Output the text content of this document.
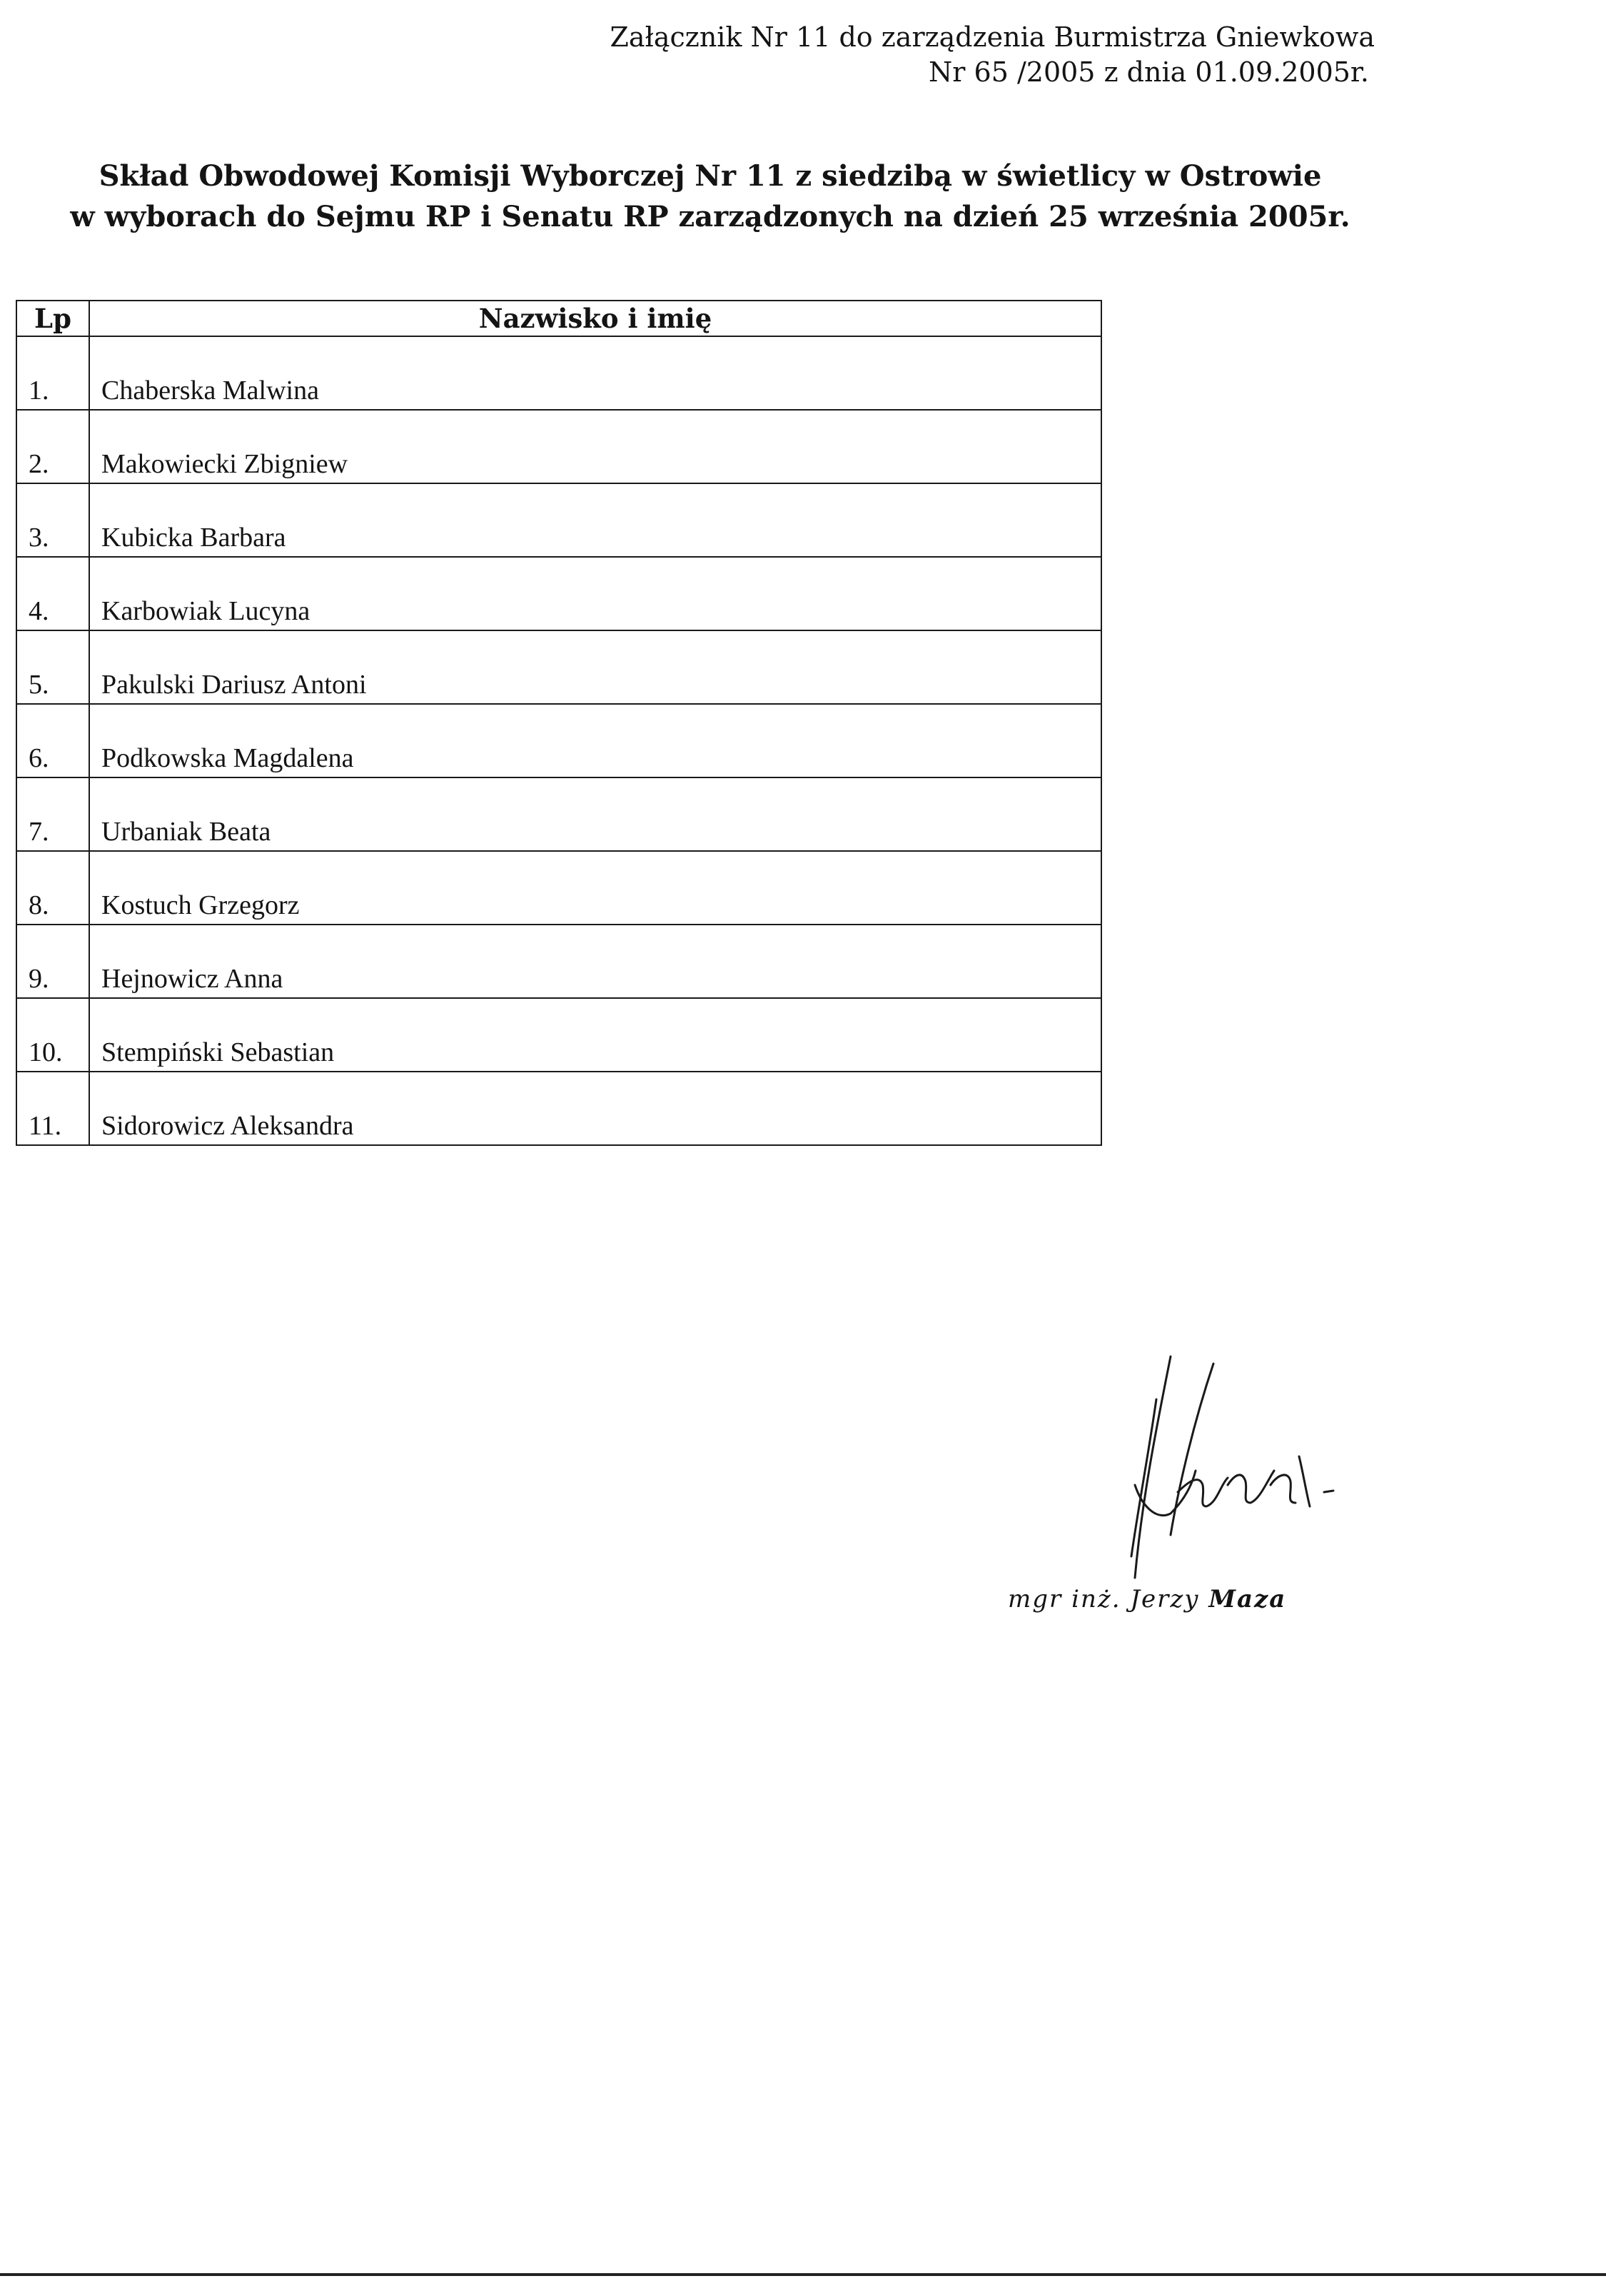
Załącznik Nr 11 do zarządzenia Burmistrza Gniewkowa
Nr 65 /2005 z dnia 01.09.2005r.
Skład Obwodowej Komisji Wyborczej Nr 11 z siedzibą w świetlicy w Ostrowie
w wyborach do Sejmu RP i Senatu RP zarządzonych na dzień 25 września 2005r.
Lp	Nazwisko i imię
1.	Chaberska Malwina
2.	Makowiecki Zbigniew
3.	Kubicka Barbara
4.	Karbowiak Lucyna
5.	Pakulski Dariusz Antoni
6.	Podkowska Magdalena
7.	Urbaniak Beata
8.	Kostuch Grzegorz
9.	Hejnowicz Anna
10.	Stempiński Sebastian
11.	Sidorowicz Aleksandra
mgr inż. Jerzy Maza
